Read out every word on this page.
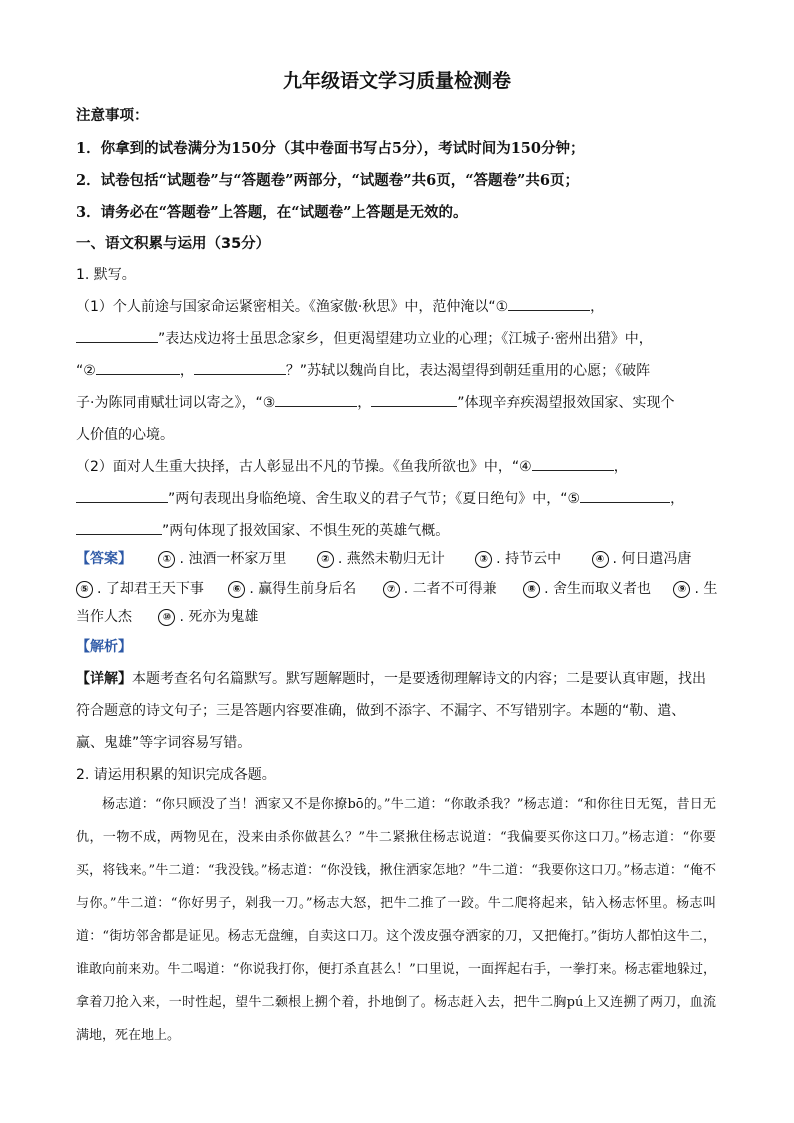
九年级语文学习质量检测卷
注意事项：
1．你拿到的试卷满分为150分（其中卷面书写占5分），考试时间为150分钟；
2．试卷包括“试题卷”与“答题卷”两部分，“试题卷”共6页，“答题卷”共6页；
3．请务必在“答题卷”上答题，在“试题卷”上答题是无效的。
一、语文积累与运用（35分）
1. 默写。
（1）个人前途与国家命运紧密相关。《渔家傲·秋思》中，范仲淹以“①	，
”表达戍边将士虽思念家乡，但更渴望建功立业的心理；《江城子·密州出猎》中，
“②	，	？”苏轼以魏尚自比，表达渴望得到朝廷重用的心愿；《破阵
子·为陈同甫赋壮词以寄之》，“③	，	”体现辛弃疾渴望报效国家、实现个
人价值的心境。
（2）面对人生重大抉择，古人彰显出不凡的节操。《鱼我所欲也》中，“④	，
”两句表现出身临绝境、舍生取义的君子气节；《夏日绝句》中，“⑤	，
”两句体现了报效国家、不惧生死的英雄气概。
【答案】	① . 浊酒一杯家万里	② . 燕然未勒归无计	③ . 持节云中	④ . 何日遣冯唐
⑤ . 了却君王天下事	⑥ . 赢得生前身后名	⑦ . 二者不可得兼	⑧ . 舍生而取义者也	⑨ . 生
当作人杰	⑩ . 死亦为鬼雄
【解析】
【详解】本题考查名句名篇默写。默写题解题时，一是要透彻理解诗文的内容；二是要认真审题，找出
符合题意的诗文句子；三是答题内容要准确，做到不添字、不漏字、不写错别字。本题的“勒、遣、
赢、鬼雄”等字词容易写错。
2. 请运用积累的知识完成各题。

杨志道：“你只顾没了当！洒家又不是你撩bō的。”牛二道：“你敢杀我？”杨志道：“和你往日无冤，昔日无仇，一物不成，两物见在，没来由杀你做甚么？”牛二紧揪住杨志说道：“我偏要买你这口刀。”杨志道：“你要买，将钱来。”牛二道：“我没钱。”杨志道：“你没钱，揪住洒家怎地？”牛二道：“我要你这口刀。”杨志道：“俺不与你。”牛二道：“你好男子，剁我一刀。”杨志大怒，把牛二推了一跤。牛二爬将起来，钻入杨志怀里。杨志叫道：“街坊邻舍都是证见。杨志无盘缠，自卖这口刀。这个泼皮强夺洒家的刀，又把俺打。”街坊人都怕这牛二，谁敢向前来劝。牛二喝道：“你说我打你，便打杀直甚么！”口里说，一面挥起右手，一拳打来。杨志霍地躲过，拿着刀抢入来，一时性起，望牛二颡根上搠个着，扑地倒了。杨志赶入去，把牛二胸pú上又连搠了两刀，血流满地，死在地上。
